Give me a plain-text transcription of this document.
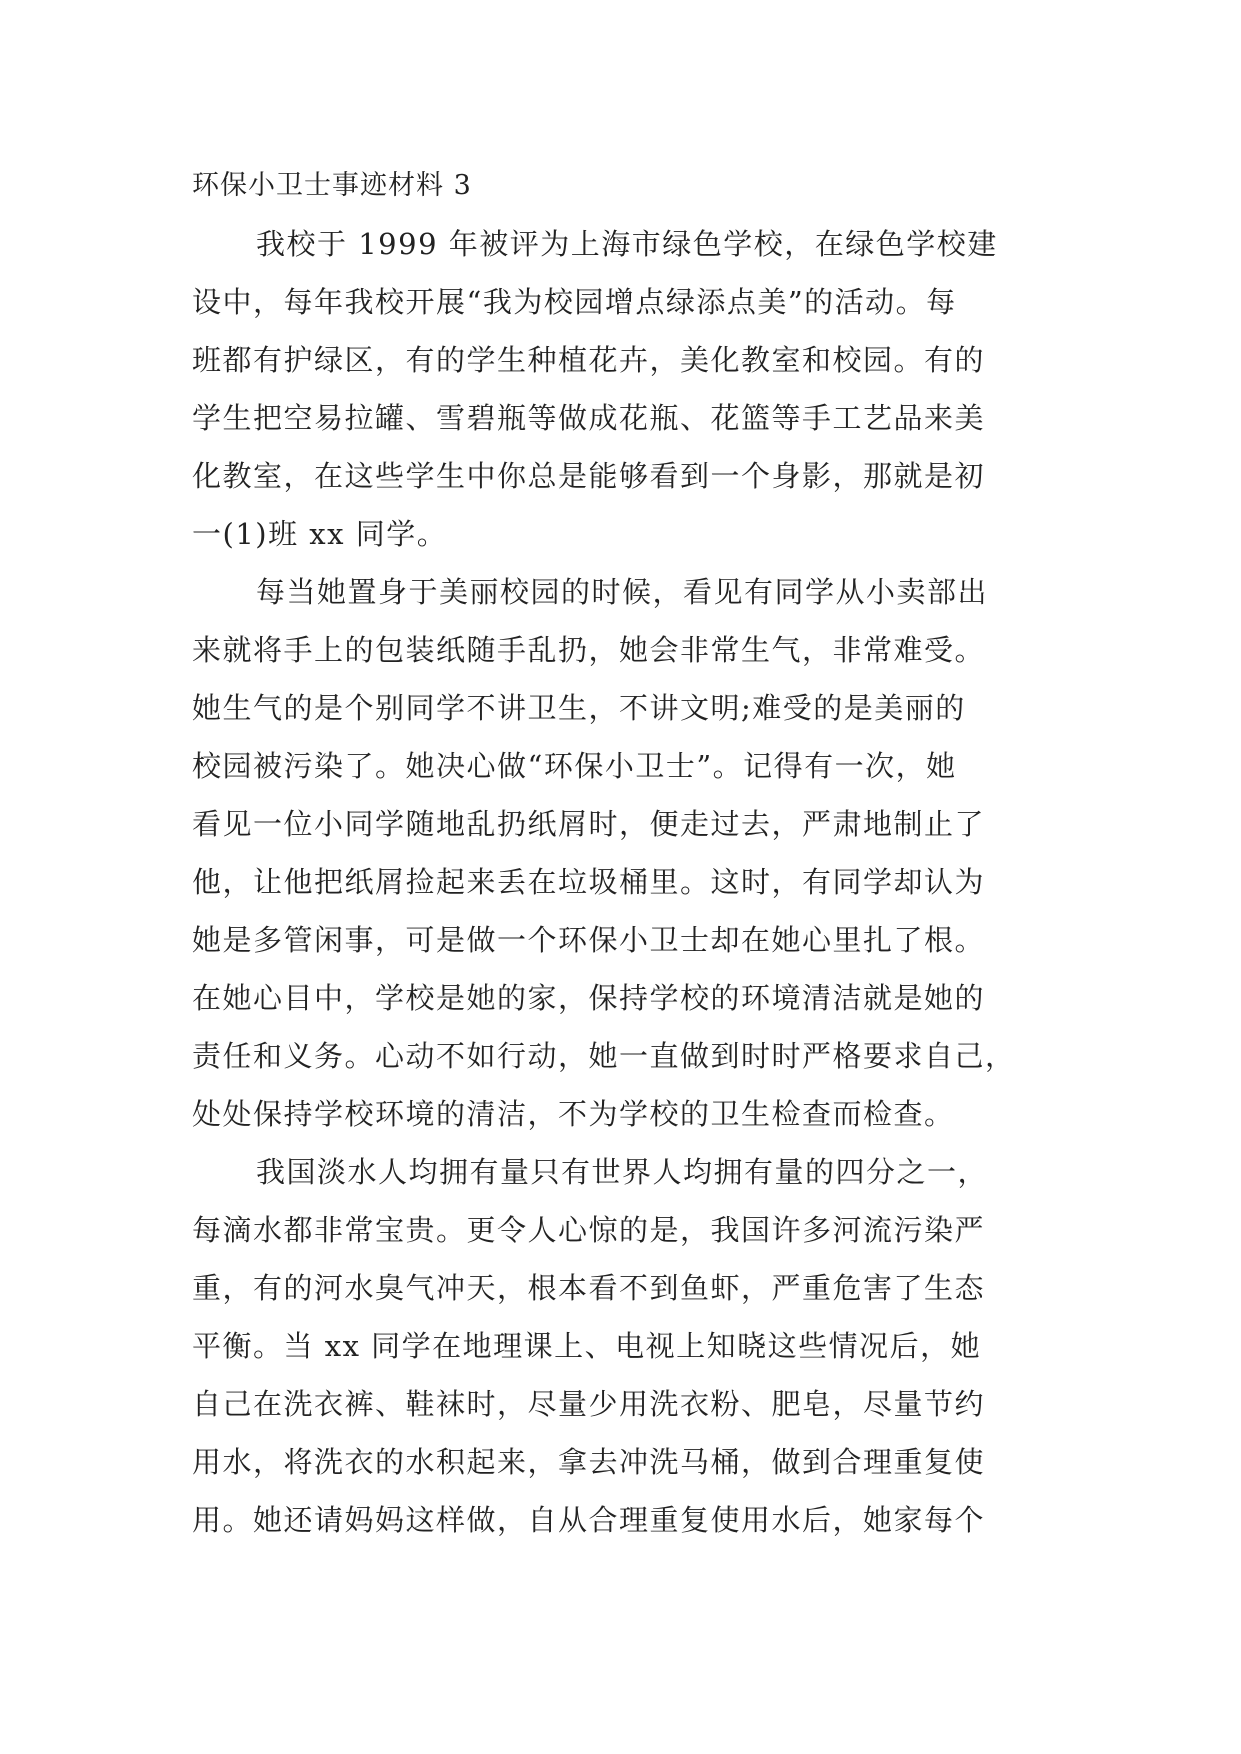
环保小卫士事迹材料 3
我校于 1999 年被评为上海市绿色学校，在绿色学校建
设中，每年我校开展“我为校园增点绿添点美”的活动。每
班都有护绿区，有的学生种植花卉，美化教室和校园。有的
学生把空易拉罐、雪碧瓶等做成花瓶、花篮等手工艺品来美
化教室，在这些学生中你总是能够看到一个身影，那就是初
一(1)班 xx 同学。
每当她置身于美丽校园的时候，看见有同学从小卖部出
来就将手上的包装纸随手乱扔，她会非常生气，非常难受。
她生气的是个别同学不讲卫生，不讲文明;难受的是美丽的
校园被污染了。她决心做“环保小卫士”。记得有一次，她
看见一位小同学随地乱扔纸屑时，便走过去，严肃地制止了
他，让他把纸屑捡起来丢在垃圾桶里。这时，有同学却认为
她是多管闲事，可是做一个环保小卫士却在她心里扎了根。
在她心目中，学校是她的家，保持学校的环境清洁就是她的
责任和义务。心动不如行动，她一直做到时时严格要求自己，
处处保持学校环境的清洁，不为学校的卫生检查而检查。
我国淡水人均拥有量只有世界人均拥有量的四分之一，
每滴水都非常宝贵。更令人心惊的是，我国许多河流污染严
重，有的河水臭气冲天，根本看不到鱼虾，严重危害了生态
平衡。当 xx 同学在地理课上、电视上知晓这些情况后，她
自己在洗衣裤、鞋袜时，尽量少用洗衣粉、肥皂，尽量节约
用水，将洗衣的水积起来，拿去冲洗马桶，做到合理重复使
用。她还请妈妈这样做，自从合理重复使用水后，她家每个
